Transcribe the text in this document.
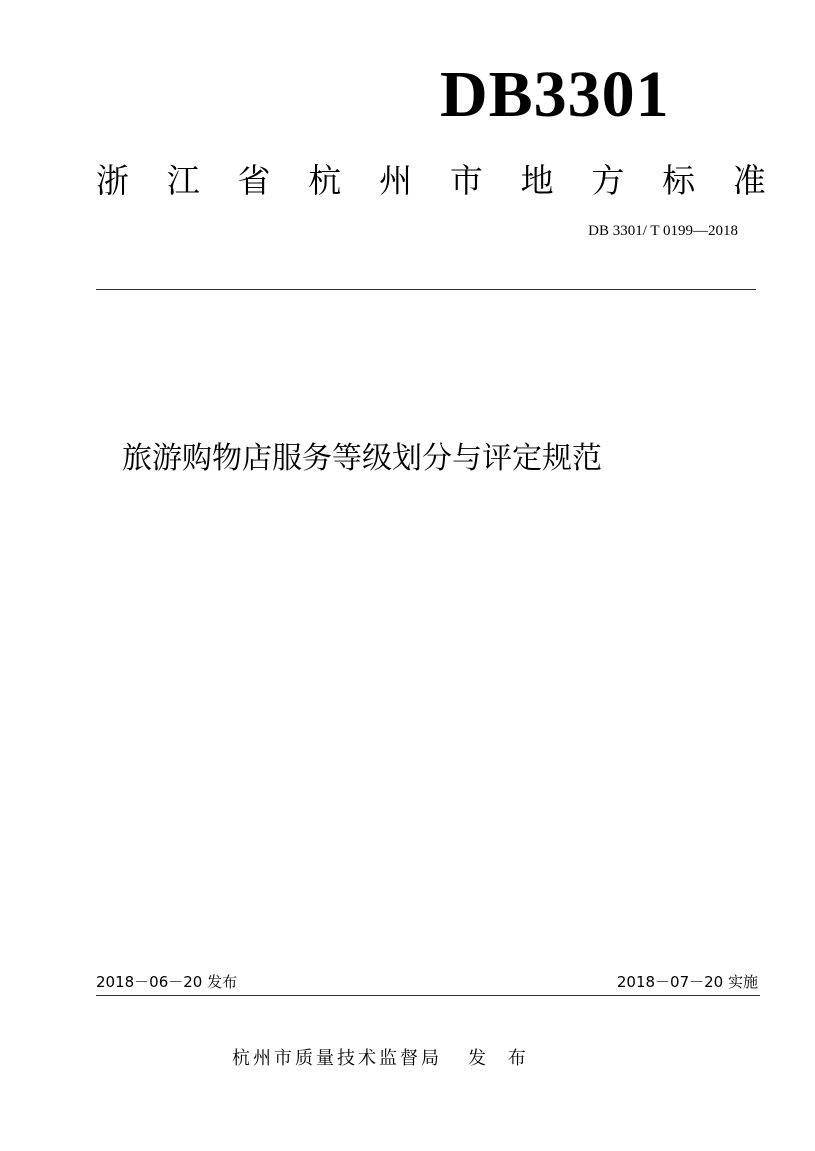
DB3301
浙 江 省 杭 州 市 地 方 标 准
DB 3301/ T 0199—2018
旅游购物店服务等级划分与评定规范
2018－06－20 发布	2018－07－20 实施
杭州市质量技术监督局 发 布
